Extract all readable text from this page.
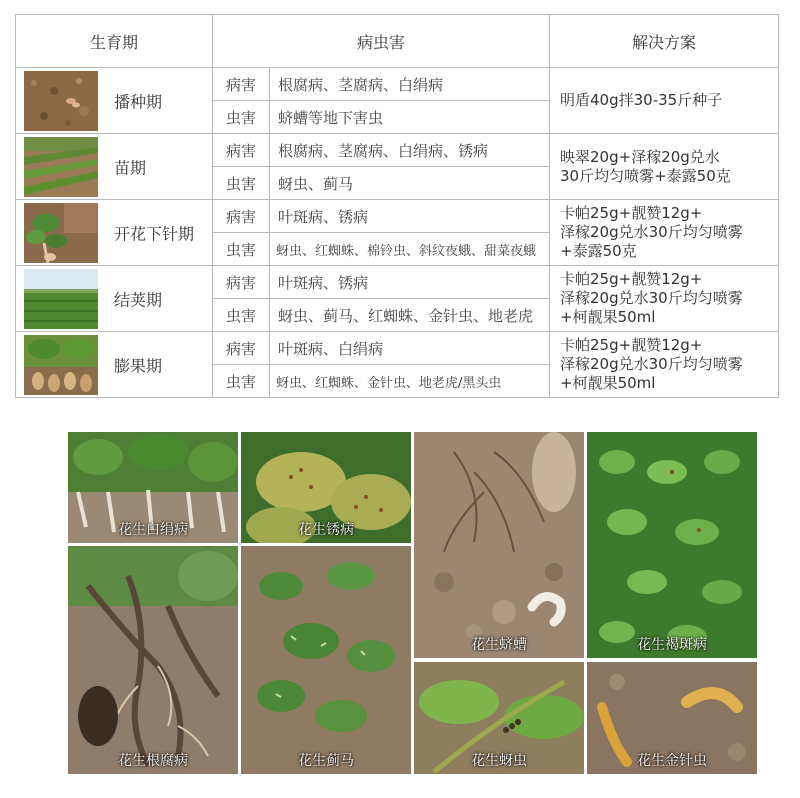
生育期	病虫害		解决方案

播种期	病害	根腐病、茎腐病、白绢病	明盾40g拌30-35斤种子

	虫害	蛴螬等地下害虫	

苗期	病害	根腐病、茎腐病、白绢病、锈病	映翠20g+泽稼20g兑水
30斤均匀喷雾+泰露50克

	虫害	蚜虫、蓟马	

开花下针期	病害	叶斑病、锈病	卡帕25g+靓赞12g+
泽稼20g兑水30斤均匀喷雾
+泰露50克

	虫害	蚜虫、红蜘蛛、棉铃虫、斜纹夜蛾、甜菜夜蛾	

结荚期	病害	叶斑病、锈病	卡帕25g+靓赞12g+
泽稼20g兑水30斤均匀喷雾
+柯靓果50ml

	虫害	蚜虫、蓟马、红蜘蛛、金针虫、地老虎	

膨果期	病害	叶斑病、白绢病	卡帕25g+靓赞12g+
泽稼20g兑水30斤均匀喷雾
+柯靓果50ml

	虫害	蚜虫、红蜘蛛、金针虫、地老虎/黑头虫	
花生白绢病	花生锈病
花生蛴螬	花生褐斑病
花生根腐病	花生蓟马	花生蚜虫	花生金针虫
